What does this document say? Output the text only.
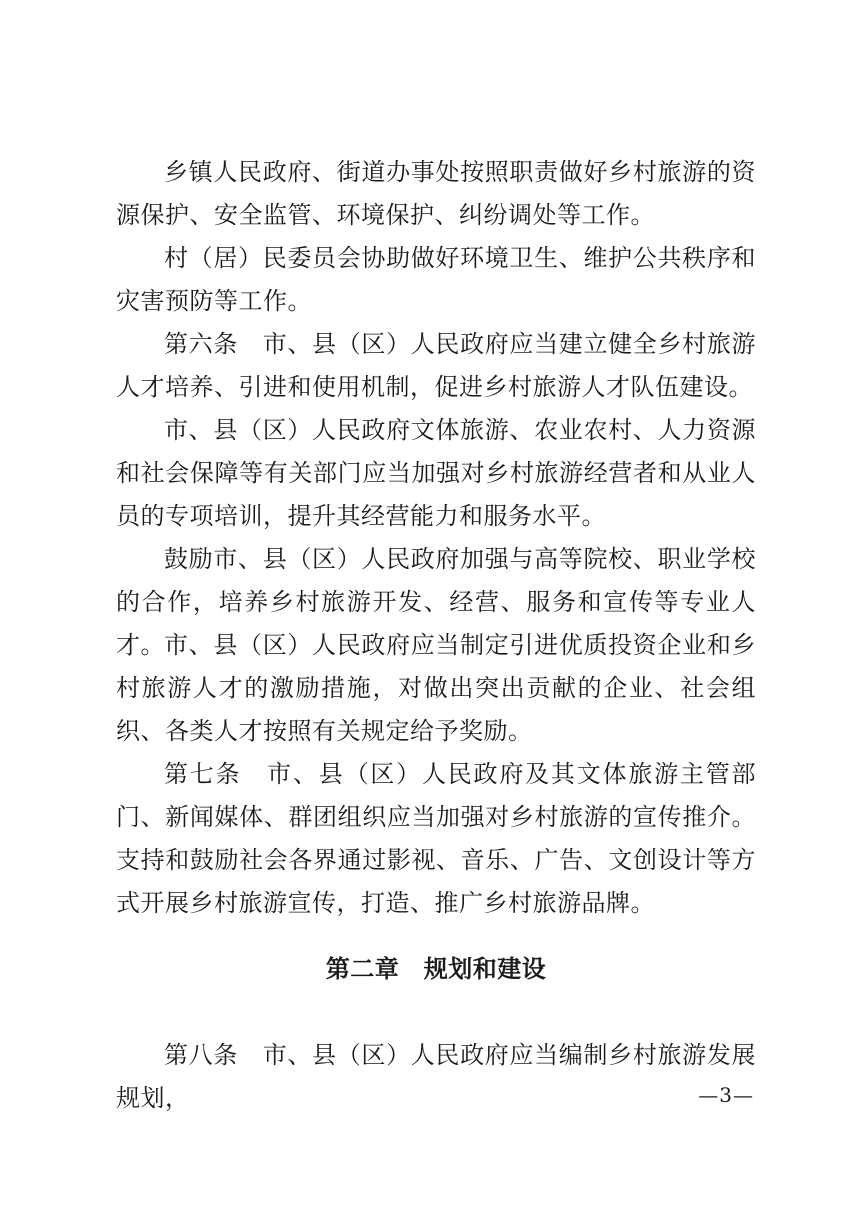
乡镇人民政府、街道办事处按照职责做好乡村旅游的资源保护、安全监管、环境保护、纠纷调处等工作。

村（居）民委员会协助做好环境卫生、维护公共秩序和灾害预防等工作。

第六条　市、县（区）人民政府应当建立健全乡村旅游人才培养、引进和使用机制，促进乡村旅游人才队伍建设。

市、县（区）人民政府文体旅游、农业农村、人力资源和社会保障等有关部门应当加强对乡村旅游经营者和从业人员的专项培训，提升其经营能力和服务水平。

鼓励市、县（区）人民政府加强与高等院校、职业学校的合作，培养乡村旅游开发、经营、服务和宣传等专业人才。 市、县（区）人民政府应当制定引进优质投资企业和乡村旅游人才的激励措施，对做出突出贡献的企业、社会组织、各类人才按照有关规定给予奖励。

第七条　市、县（区）人民政府及其文体旅游主管部门、新闻媒体、群团组织应当加强对乡村旅游的宣传推介。支持和鼓励社会各界通过影视、音乐、广告、文创设计等方式开展乡村旅游宣传，打造、推广乡村旅游品牌。

第二章　规划和建设

第八条　市、县（区）人民政府应当编制乡村旅游发展规划，	—3—
